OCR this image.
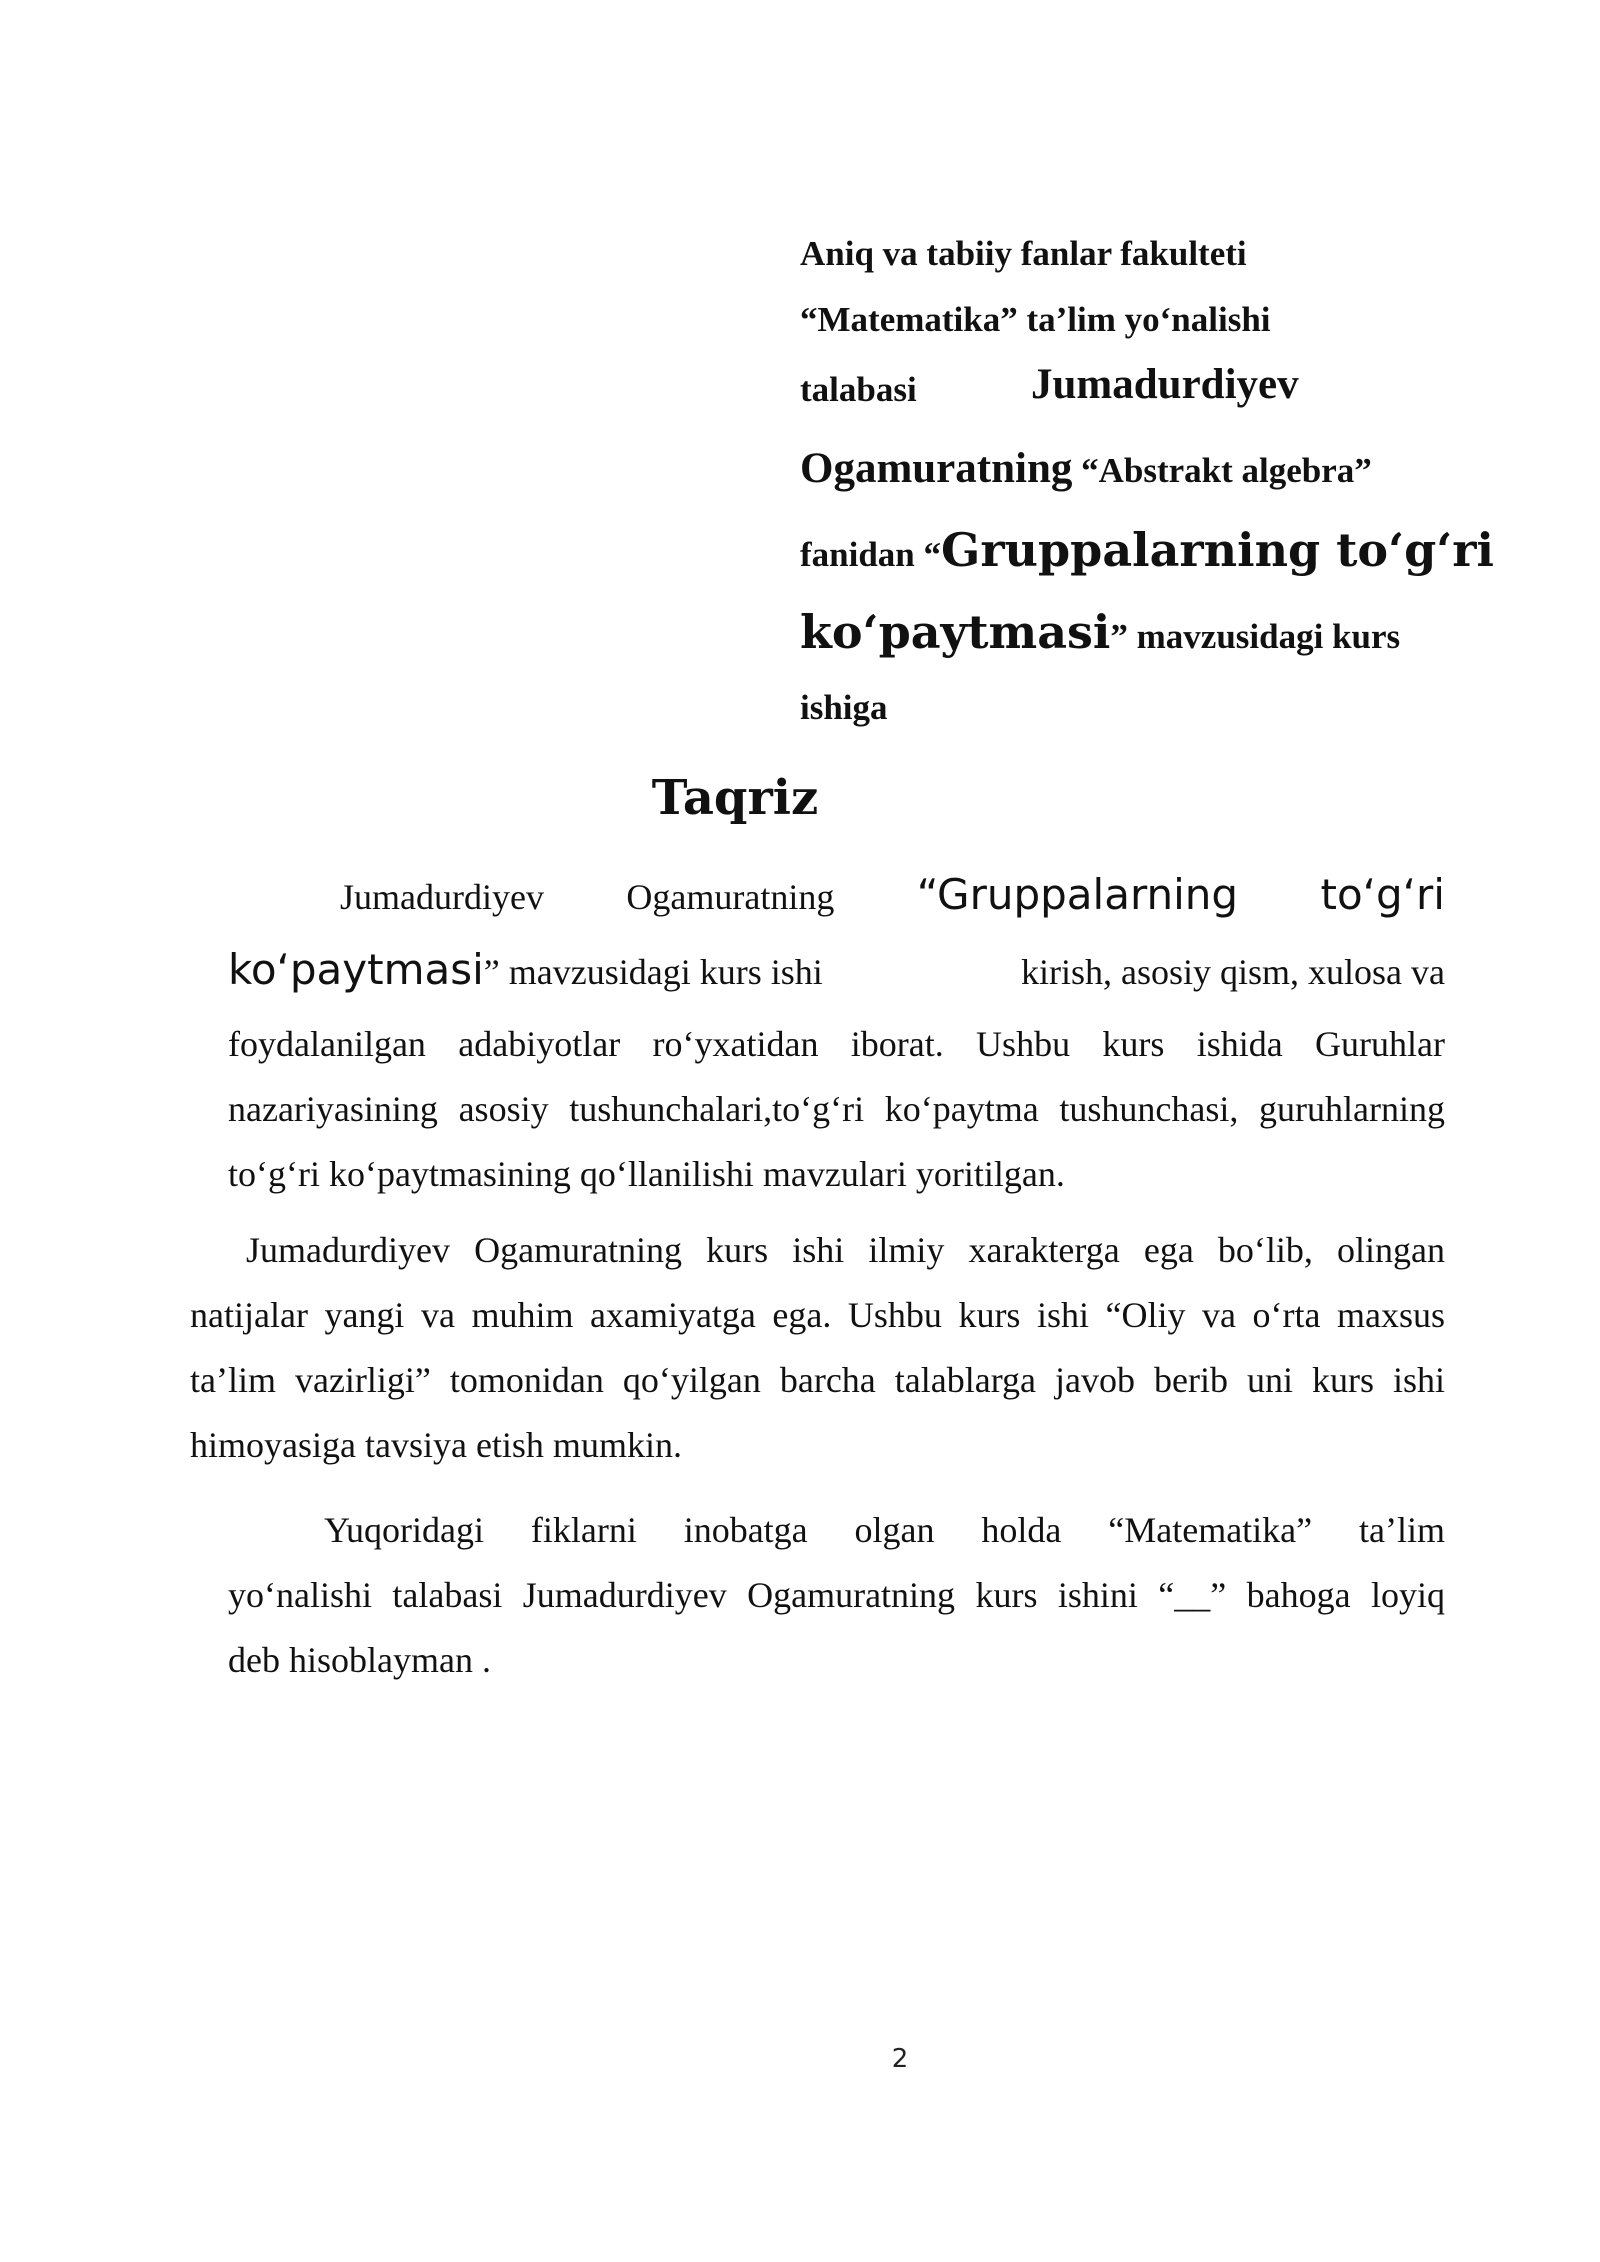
Aniq va tabiiy fanlar fakulteti
“Matematika” ta’lim yo‘nalishi
talabasi	Jumadurdiyev
Ogamuratning “Abstrakt algebra”
fanidan “Gruppalarning to‘g‘ri
ko‘paytmasi” mavzusidagi kurs
ishiga
Taqriz
Jumadurdiyev Ogamuratning “Gruppalarning to‘g‘ri
ko‘paytmasi” mavzusidagi kurs ishi	kirish, asosiy qism, xulosa va
foydalanilgan adabiyotlar ro‘yxatidan iborat. Ushbu kurs ishida Guruhlar
nazariyasining asosiy tushunchalari,to‘g‘ri ko‘paytma tushunchasi, guruhlarning
to‘g‘ri ko‘paytmasining qo‘llanilishi mavzulari yoritilgan.
Jumadurdiyev Ogamuratning kurs ishi ilmiy xarakterga ega bo‘lib, olingan
natijalar yangi va muhim axamiyatga ega. Ushbu kurs ishi “Oliy va o‘rta maxsus
ta’lim vazirligi” tomonidan qo‘yilgan barcha talablarga javob berib uni kurs ishi
himoyasiga tavsiya etish mumkin.
Yuqoridagi fiklarni inobatga olgan holda “Matematika” ta’lim
yo‘nalishi talabasi Jumadurdiyev Ogamuratning kurs ishini “__” bahoga loyiq
deb hisoblayman .
2
